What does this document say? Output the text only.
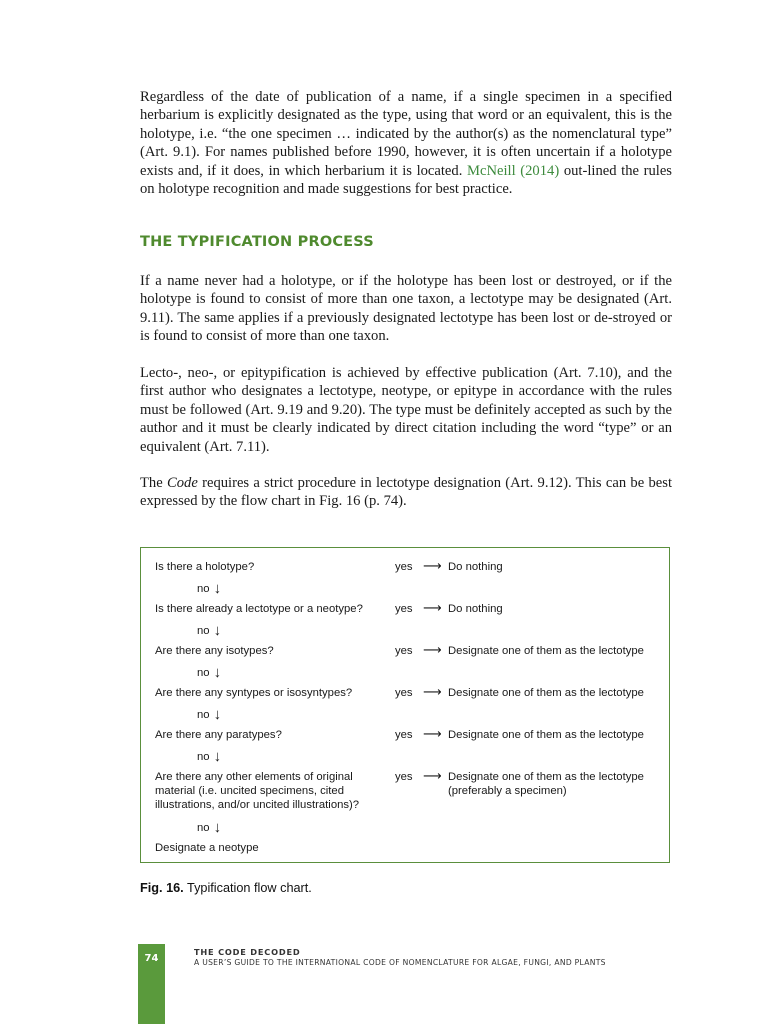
Regardless of the date of publication of a name, if a single specimen in a specified herbarium is explicitly designated as the type, using that word or an equivalent, this is the holotype, i.e. “the one specimen … indicated by the author(s) as the nomenclatural type” (Art. 9.1). For names published before 1990, however, it is often uncertain if a holotype exists and, if it does, in which herbarium it is located. McNeill (2014) out-lined the rules on holotype recognition and made suggestions for best practice.

THE TYPIFICATION PROCESS

If a name never had a holotype, or if the holotype has been lost or destroyed, or if the holotype is found to consist of more than one taxon, a lectotype may be designated (Art. 9.11). The same applies if a previously designated lectotype has been lost or de-stroyed or is found to consist of more than one taxon.

Lecto-, neo-, or epitypification is achieved by effective publication (Art. 7.10), and the first author who designates a lectotype, neotype, or epitype in accordance with the rules must be followed (Art. 9.19 and 9.20). The type must be definitely accepted as such by the author and it must be clearly indicated by direct citation including the word “type” or an equivalent (Art. 7.11).

The Code requires a strict procedure in lectotype designation (Art. 9.12). This can be best expressed by the flow chart in Fig. 16 (p. 74).

Is there a holotype?	yes ⟶ Do nothing
no ↓
Is there already a lectotype or a neotype?	yes ⟶ Do nothing
no ↓
Are there any isotypes?	yes ⟶ Designate one of them as the lectotype
no ↓
Are there any syntypes or isosyntypes?	yes ⟶ Designate one of them as the lectotype
no ↓
Are there any paratypes?	yes ⟶ Designate one of them as the lectotype
no ↓
Are there any other elements of original material (i.e. uncited specimens, cited illustrations, and/or uncited illustrations)?
yes ⟶ Designate one of them as the lectotype (preferably a specimen)
no ↓
Designate a neotype
Fig. 16. Typification flow chart.
74
THE CODE DECODED
A USER’S GUIDE TO THE INTERNATIONAL CODE OF NOMENCLATURE FOR ALGAE, FUNGI, AND PLANTS
